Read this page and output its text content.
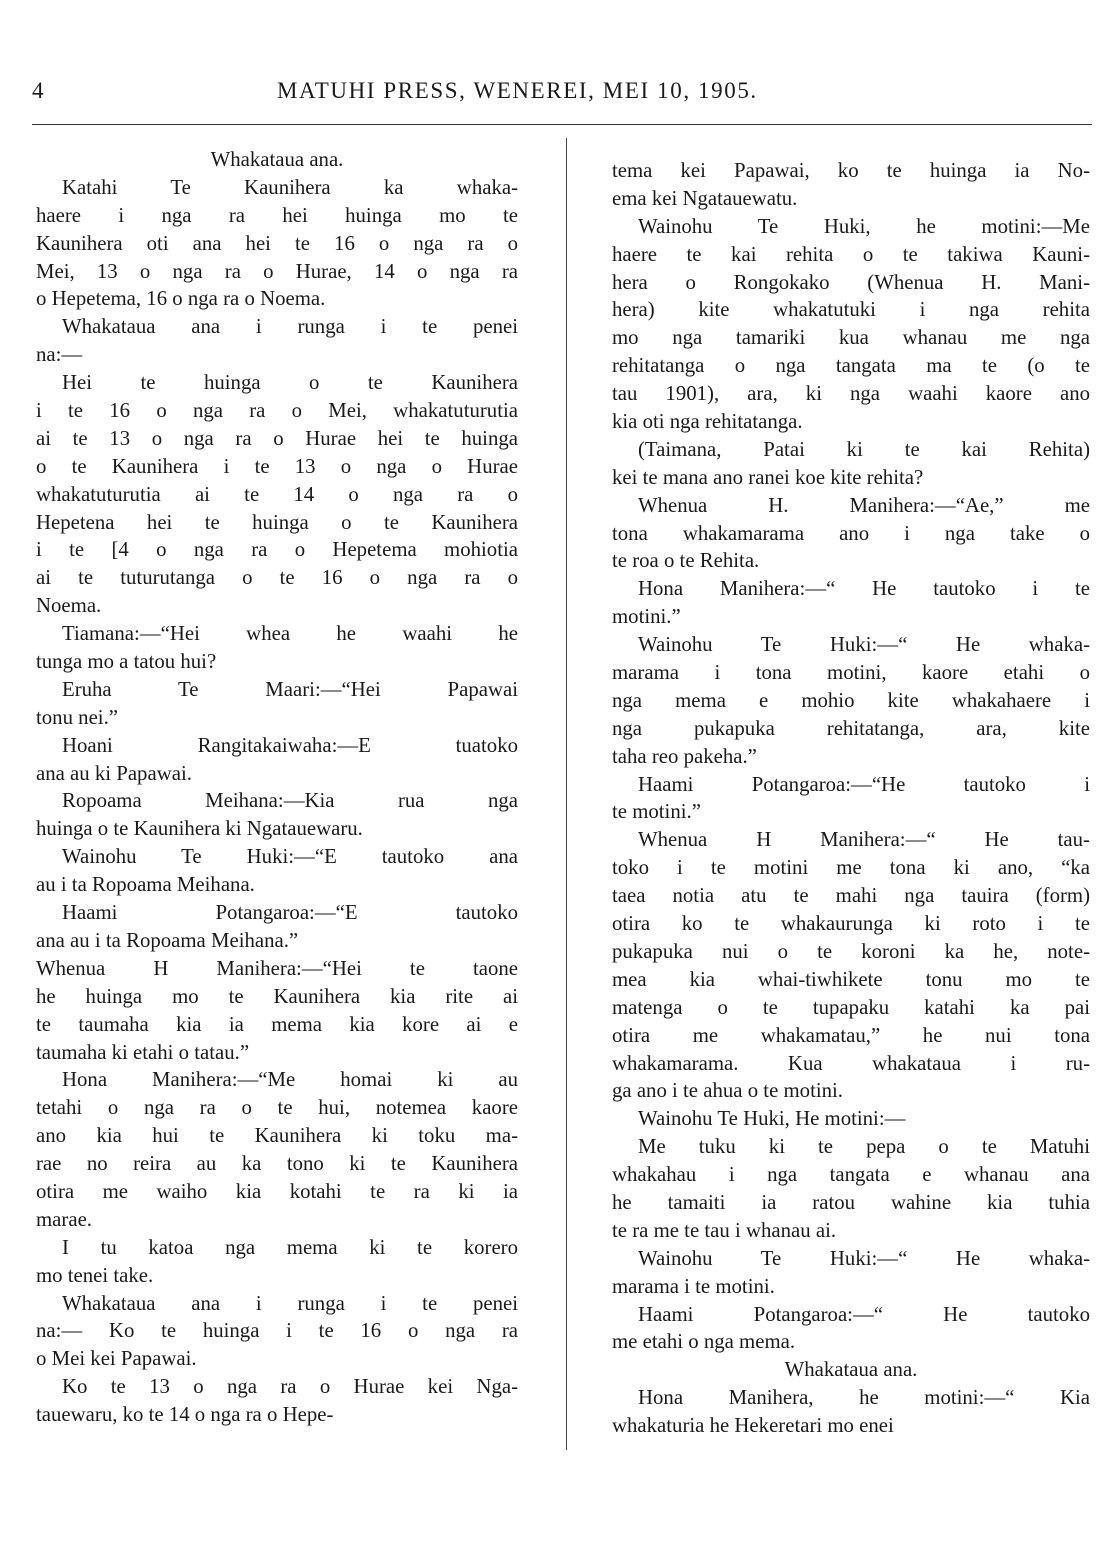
4	MATUHI PRESS, WENEREI, MEI 10, 1905.
Whakataua ana.
Katahi Te Kaunihera ka whaka-
haere i nga ra hei huinga mo te
Kaunihera oti ana hei te 16 o nga ra o
Mei, 13 o nga ra o Hurae, 14 o nga ra
o Hepetema, 16 o nga ra o Noema.
Whakataua ana i runga i te penei
na:—
Hei te huinga o te Kaunihera
i te 16 o nga ra o Mei, whakatuturutia
ai te 13 o nga ra o Hurae hei te huinga
o te Kaunihera i te 13 o nga o Hurae
whakatuturutia ai te 14 o nga ra o
Hepetena hei te huinga o te Kaunihera
i te [4 o nga ra o Hepetema mohiotia
ai te tuturutanga o te 16 o nga ra o
Noema.
Tiamana:—“Hei whea he waahi he
tunga mo a tatou hui?
Eruha Te Maari:—“Hei Papawai
tonu nei.”
Hoani Rangitakaiwaha:—E tuatoko
ana au ki Papawai.
Ropoama Meihana:—Kia rua nga
huinga o te Kaunihera ki Ngatauewaru.
Wainohu Te Huki:—“E tautoko ana
au i ta Ropoama Meihana.
Haami Potangaroa:—“E tautoko
ana au i ta Ropoama Meihana.”
Whenua H Manihera:—“Hei te taone
he huinga mo te Kaunihera kia rite ai
te taumaha kia ia mema kia kore ai e
taumaha ki etahi o tatau.”
Hona Manihera:—“Me homai ki au
tetahi o nga ra o te hui, notemea kaore
ano kia hui te Kaunihera ki toku ma-
rae no reira au ka tono ki te Kaunihera
otira me waiho kia kotahi te ra ki ia
marae.
I tu katoa nga mema ki te korero
mo tenei take.
Whakataua ana i runga i te penei
na:— Ko te huinga i te 16 o nga ra
o Mei kei Papawai.
Ko te 13 o nga ra o Hurae kei Nga-
tauewaru, ko te 14 o nga ra o Hepe-
tema kei Papawai, ko te huinga ia No-
ema kei Ngatauewatu.
Wainohu Te Huki, he motini:—Me
haere te kai rehita o te takiwa Kauni-
hera o Rongokako (Whenua H. Mani-
hera) kite whakatutuki i nga rehita
mo nga tamariki kua whanau me nga
rehitatanga o nga tangata ma te (o te
tau 1901), ara, ki nga waahi kaore ano
kia oti nga rehitatanga.
(Taimana, Patai ki te kai Rehita)
kei te mana ano ranei koe kite rehita?
Whenua H. Manihera:—“Ae,” me
tona whakamarama ano i nga take o
te roa o te Rehita.
Hona Manihera:—“ He tautoko i te
motini.”
Wainohu Te Huki:—“ He whaka-
marama i tona motini, kaore etahi o
nga mema e mohio kite whakahaere i
nga pukapuka rehitatanga, ara, kite
taha reo pakeha.”
Haami Potangaroa:—“He tautoko i
te motini.”
Whenua H Manihera:—“ He tau-
toko i te motini me tona ki ano, “ka
taea notia atu te mahi nga tauira (form)
otira ko te whakaurunga ki roto i te
pukapuka nui o te koroni ka he, note-
mea kia whai-tiwhikete tonu mo te
matenga o te tupapaku katahi ka pai
otira me whakamatau,” he nui tona
whakamarama. Kua whakataua i ru-
ga ano i te ahua o te motini.
Wainohu Te Huki, He motini:—
Me tuku ki te pepa o te Matuhi
whakahau i nga tangata e whanau ana
he tamaiti ia ratou wahine kia tuhia
te ra me te tau i whanau ai.
Wainohu Te Huki:—“ He whaka-
marama i te motini.
Haami Potangaroa:—“ He tautoko
me etahi o nga mema.
Whakataua ana.
Hona Manihera, he motini:—“ Kia
whakaturia he Hekeretari mo enei
